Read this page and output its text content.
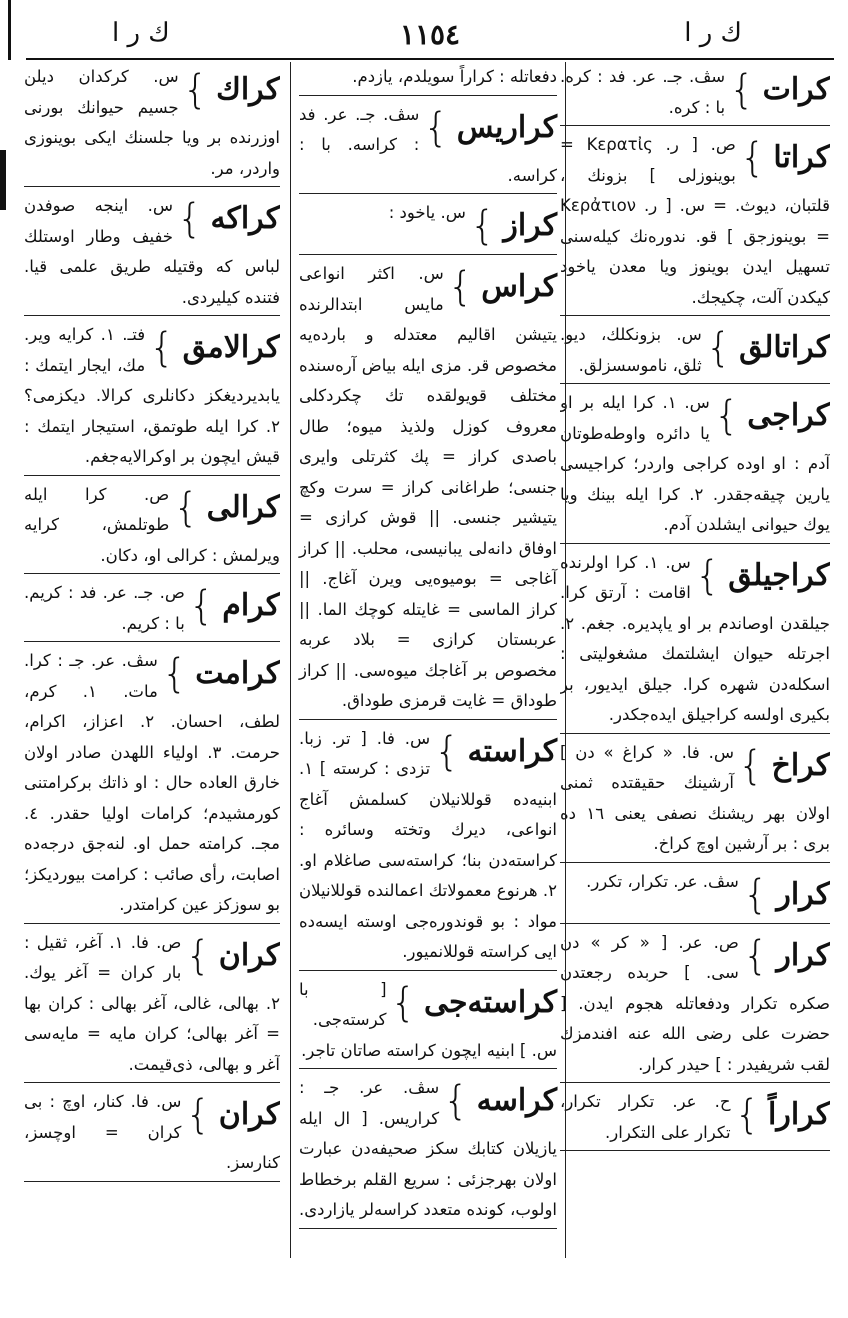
ك ر ا	١١٥٤	ك ر ا
كرات
}
سڤ. جـ. عر. فد : كره. با : كره.
كراتا
}
ص. [ ر. Κερατἰς = بوينوزلى ] بزونك ، قلتبان، ديوث. = س. [ ر. Κερἀτιον = بوينوزجق ] قو. ندوره‌نك كيله‌سنى تسهيل ايدن بوينوز ويا معدن ياخود كيكدن آلت، چكيجك.
كراتالق
}
س. بزونكلك، ديو. ثلق، ناموسسزلق.
كراجى
}
س. ١. كرا ايله بر او يا دائره واوطه‌طوتان آدم : او اوده كراجى واردر؛ كراجيسى يارين چيقه‌جقدر. ٢. كرا ايله بينك ويا يوك حيوانى ايشلدن آدم.
كراجيلق
}
س. ١. كرا اولرنده اقامت : آرتق كرا. جيلقدن اوصاندم بر او ياپديره. جغم. ٢. اجرتله حيوان ايشلتمك مشغوليتى : اسكله‌دن شهره كرا. جيلق ايديور، بر بكيرى اولسه كراجيلق ايده‌جكدر.
كراخ
}
س. فا. « كراغ » دن ] آرشينك حقيقتده ثمنى اولان بهر ريشنك نصفى يعنى ١٦ ده برى : بر آرشين اوچ كراخ.
كرار
}
سڤ. عر. تكرار، تكرر.
كرار
}
ص. عر. [ « كر » دن سى. ] حربده رجعتدن صكره تكرار ودفعاتله هجوم ايدن. [ حضرت على رضى الله عنه افندمزك لقب شريفيدر : ] حيدر كرار.
كراراً
}
ح. عر. تكرار تكرار، تكرار على التكرار.
دفعاتله : كراراً سويلدم، يازدم.
كراريس
}
سڤ. جـ. عر. فد : كراسه. با : كراسه.
كراز
}
س. ياخود :
كراس
}
س. اكثر انواعى مايس ابتدالرنده يتيشن اقاليم معتدله و بارده‌يه مخصوص قر. مزى ايله بياض آره‌سنده مختلف قويولقده تك چكردكلى معروف كوزل ولذيذ ميوه؛ طال باصدى كراز = پك كثرتلى وايرى جنسى؛ طراغانى كراز = سرت وكچ يتيشير جنسى. || قوش كرازى = اوفاق دانه‌لى يبانيسى، محلب. || كراز آغاجى = بوميوه‌يى ويرن آغاج. || كراز الماسى = غايتله كوچك الما. || عربستان كرازى = بلاد عربه مخصوص بر آغاجك ميوه‌سى. || كراز طوداق = غايت قرمزى طوداق.
كراسته
}
س. فا. [ تر. زبا. تزدى : كرسته ] ١. ابنيه‌ده قوللانيلان كسلمش آغاج انواعى، ديرك وتخته وسائره : كراسته‌دن بنا؛ كراسته‌سى صاغلام او. ٢. هرنوع معمولاتك اعمالنده قوللانيلان مواد : بو قوندوره‌جى اوسته ايسه‌ده ايى كراسته قوللانميور.
كراسته‌جى
}
[ با كرسته‌جى. س. ] ابنيه ايچون كراسته صاتان تاجر.
كراسه
}
سڤ. عر. جـ : كراريس. [ ال ايله يازيلان كتابك سكز صحيفه‌دن عبارت اولان بهرجزئى : سريع القلم برخطاط اولوب، كونده متعدد كراسه‌لر يازاردى.
كراك
}
س. كركدان ديلن جسيم حيوانك بورنى اوزرنده بر ويا جلسنك ايكى بوينوزى واردر، مر.
كراكه
}
س. اينجه صوفدن خفيف وطار اوستلك لباس كه وقتيله طريق علمى قيا. فتنده كيليردى.
كرالامق
}
فتـ. ١. كرايه وير. مك، ايجار ايتمك : يابديرديغكز دكانلرى كرالا. ديكزمى؟ ٢. كرا ايله طوتمق، استيجار ايتمك : قيش ايچون بر اوكرالايه‌جغم.
كرالى
}
ص. كرا ايله طوتلمش، كرايه ويرلمش : كرالى او، دكان.
كرام
}
ص. جـ. عر. فد : كريم. با : كريم.
كرامت
}
سڤ. عر. جـ : كرا. مات. ١. كرم، لطف، احسان. ٢. اعزاز، اكرام، حرمت. ٣. اولياء اللهدن صادر اولان خارق العاده حال : او ذاتك بركرامتنى كورمشيدم؛ كرامات اوليا حقدر. ٤. مجـ. كرامته حمل او. لنه‌جق درجه‌ده اصابت، رأى صائب : كرامت بيورديكز؛ بو سوزكز عين كرامتدر.
كران
}
ص. فا. ١. آغر، ثقيل : بار كران = آغر يوك. ٢. بهالى، غالى، آغر بهالى : كران بها = آغر بهالى؛ كران مايه = مايه‌سى آغر و بهالى، ذى‌قيمت.
كران
}
س. فا. كنار، اوچ : بى كران = اوچسز، كنارسز.
